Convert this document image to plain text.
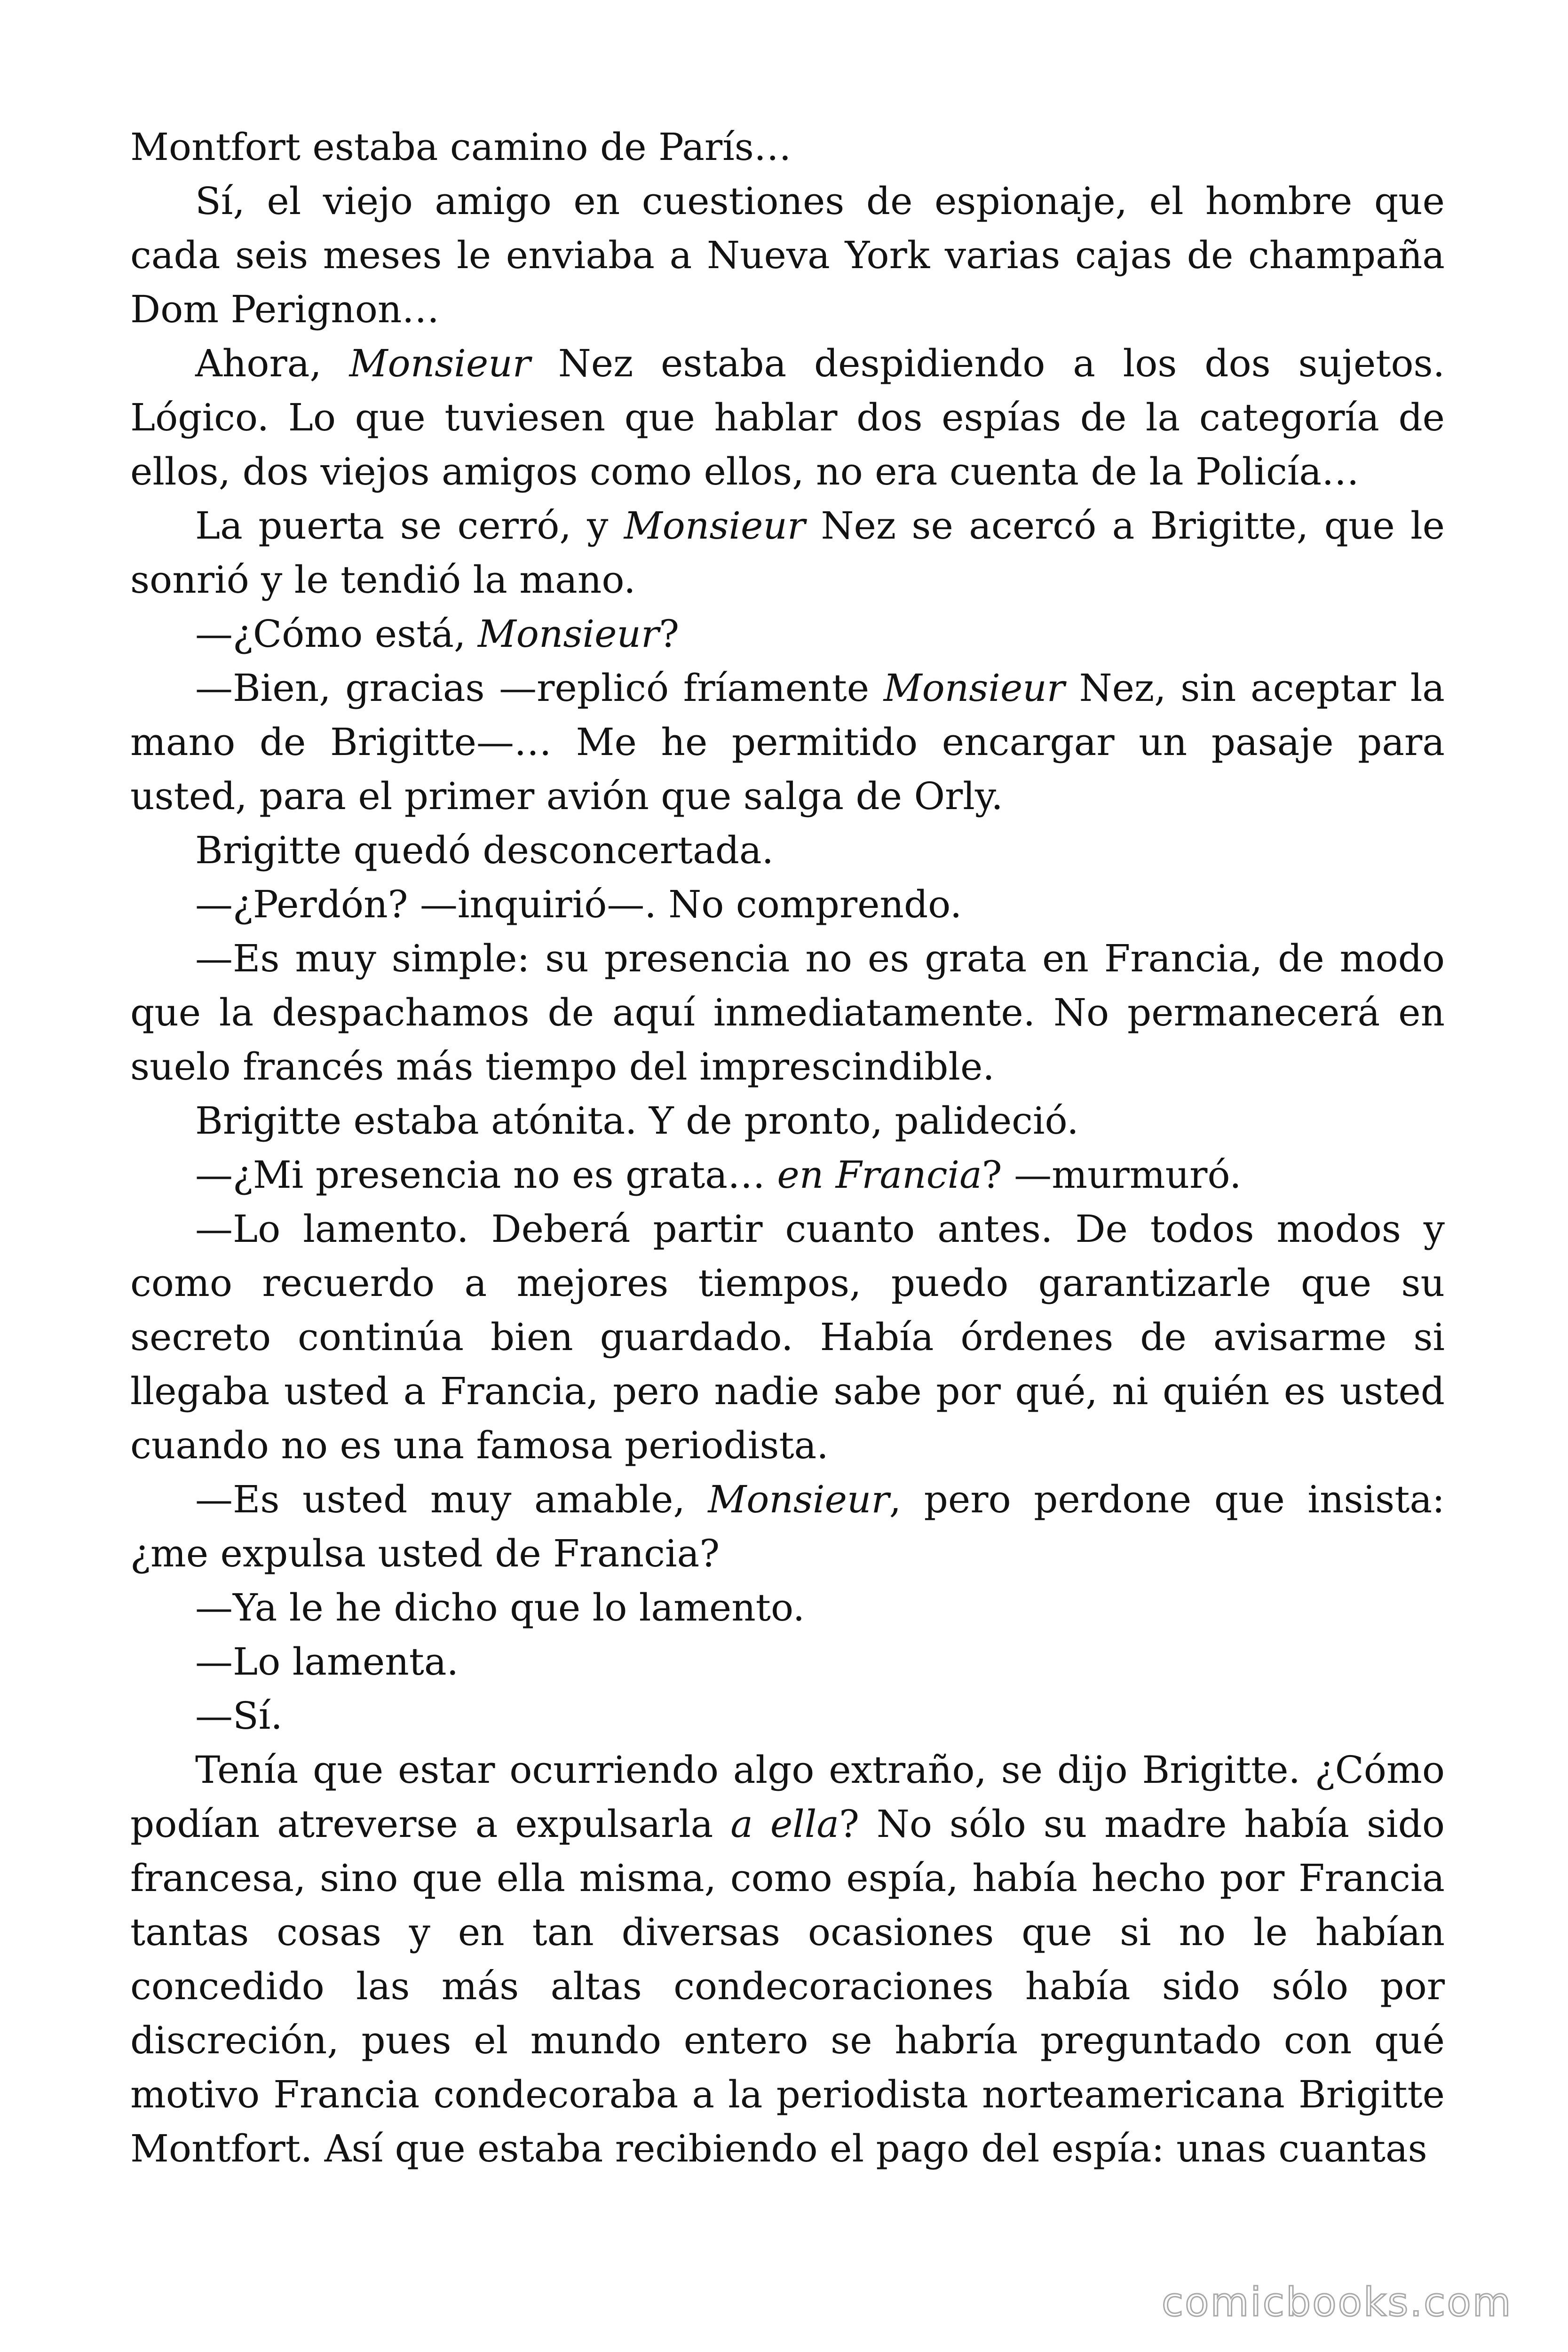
Montfort estaba camino de París…

Sí, el viejo amigo en cuestiones de espionaje, el hombre que cada seis meses le enviaba a Nueva York varias cajas de champaña Dom Perignon…

Ahora, Monsieur Nez estaba despidiendo a los dos sujetos. Lógico. Lo que tuviesen que hablar dos espías de la categoría de ellos, dos viejos amigos como ellos, no era cuenta de la Policía…

La puerta se cerró, y Monsieur Nez se acercó a Brigitte, que le sonrió y le tendió la mano.

—¿Cómo está, Monsieur?

—Bien, gracias —replicó fríamente Monsieur Nez, sin aceptar la mano de Brigitte—… Me he permitido encargar un pasaje para usted, para el primer avión que salga de Orly.

Brigitte quedó desconcertada.

—¿Perdón? —inquirió—. No comprendo.

—Es muy simple: su presencia no es grata en Francia, de modo que la despachamos de aquí inmediatamente. No permanecerá en suelo francés más tiempo del imprescindible.

Brigitte estaba atónita. Y de pronto, palideció.

—¿Mi presencia no es grata… en Francia? —murmuró.

—Lo lamento. Deberá partir cuanto antes. De todos modos y como recuerdo a mejores tiempos, puedo garantizarle que su secreto continúa bien guardado. Había órdenes de avisarme si llegaba usted a Francia, pero nadie sabe por qué, ni quién es usted cuando no es una famosa periodista.

—Es usted muy amable, Monsieur, pero perdone que insista: ¿me expulsa usted de Francia?

—Ya le he dicho que lo lamento.

—Lo lamenta.

—Sí.

Tenía que estar ocurriendo algo extraño, se dijo Brigitte. ¿Cómo podían atreverse a expulsarla a ella? No sólo su madre había sido francesa, sino que ella misma, como espía, había hecho por Francia tantas cosas y en tan diversas ocasiones que si no le habían concedido las más altas condecoraciones había sido sólo por discreción, pues el mundo entero se habría preguntado con qué motivo Francia condecoraba a la periodista norteamericana Brigitte Montfort. Así que estaba recibiendo el pago del espía: unas cuantas

comicbooks.com
